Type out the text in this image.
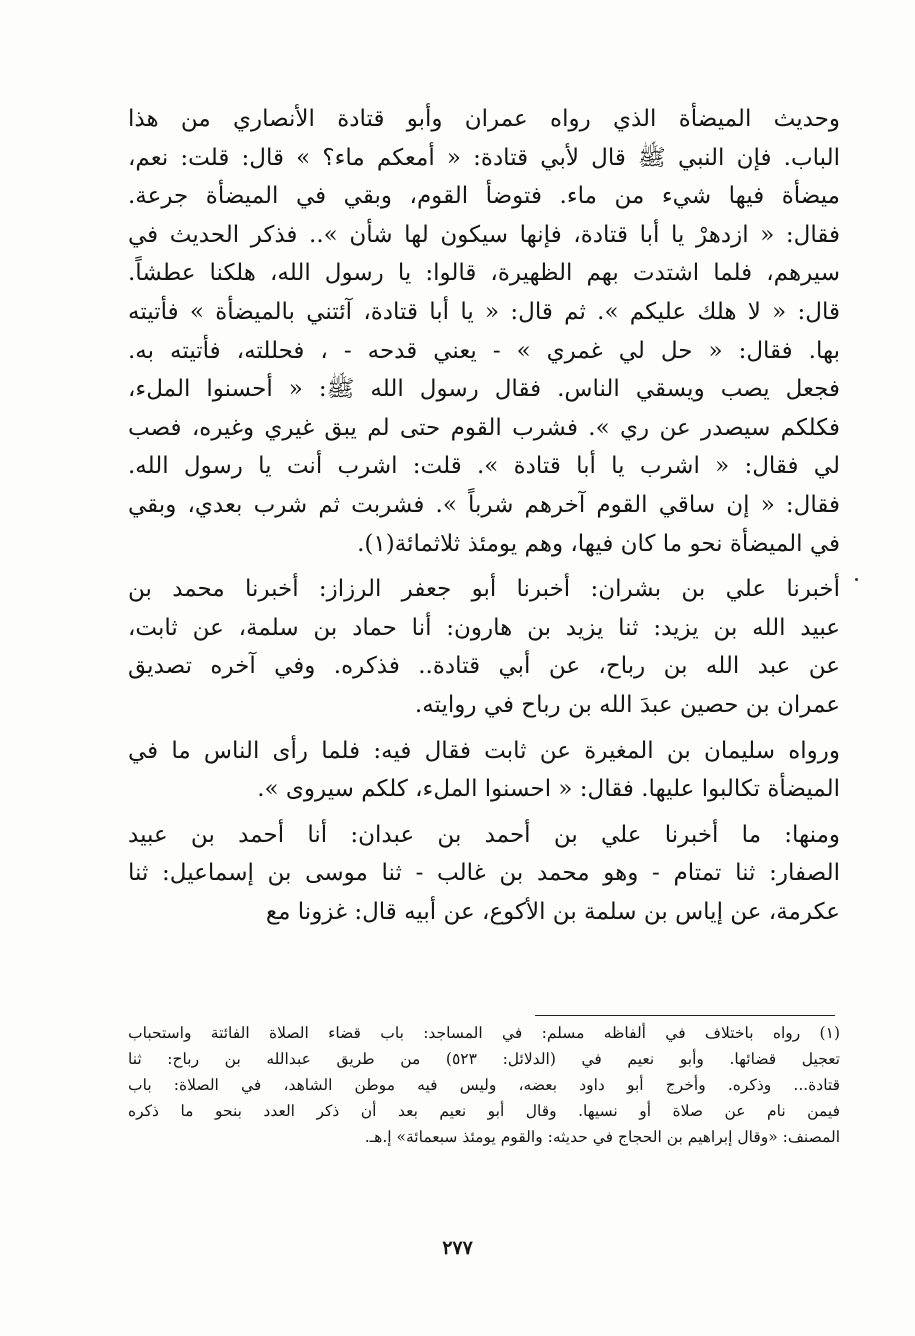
وحديث الميضأة الذي رواه عمران وأبو قتادة الأنصاري من هذا
الباب. فإن النبي ﷺ قال لأبي قتادة: « أمعكم ماء؟ » قال: قلت: نعم،
ميضأة فيها شيء من ماء. فتوضأ القوم، وبقي في الميضأة جرعة.
فقال: « ازدهرْ يا أبا قتادة، فإنها سيكون لها شأن ».. فذكر الحديث في
سيرهم، فلما اشتدت بهم الظهيرة، قالوا: يا رسول الله، هلكنا عطشاً.
قال: « لا هلك عليكم ». ثم قال: « يا أبا قتادة، آئتني بالميضأة » فأتيته
بها. فقال: « حل لي غمري » - يعني قدحه - ، فحللته، فأتيته به.
فجعل يصب ويسقي الناس. فقال رسول الله ﷺ: « أحسنوا الملء،
فكلكم سيصدر عن ري ». فشرب القوم حتى لم يبق غيري وغيره، فصب
لي فقال: « اشرب يا أبا قتادة ». قلت: اشرب أنت يا رسول الله.
فقال: « إن ساقي القوم آخرهم شرباً ». فشربت ثم شرب بعدي، وبقي
في الميضأة نحو ما كان فيها، وهم يومئذ ثلاثمائة(١).

أخبرنا علي بن بشران: أخبرنا أبو جعفر الرزاز: أخبرنا محمد بن
عبيد الله بن يزيد: ثنا يزيد بن هارون: أنا حماد بن سلمة، عن ثابت،
عن عبد الله بن رباح، عن أبي قتادة.. فذكره. وفي آخره تصديق
عمران بن حصين عبدَ الله بن رباح في روايته.

ورواه سليمان بن المغيرة عن ثابت فقال فيه: فلما رأى الناس ما في
الميضأة تكالبوا عليها. فقال: « احسنوا الملء، كلكم سيروى ».

ومنها: ما أخبرنا علي بن أحمد بن عبدان: أنا أحمد بن عبيد
الصفار: ثنا تمتام - وهو محمد بن غالب - ثنا موسى بن إسماعيل: ثنا
عكرمة، عن إياس بن سلمة بن الأكوع، عن أبيه قال: غزونا مع

(١) رواه باختلاف في ألفاظه مسلم: في المساجد: باب قضاء الصلاة الفائتة واستحباب
تعجيل قضائها. وأبو نعيم في (الدلائل: ٥٢٣) من طريق عبدالله بن رباح: ثنا
قتادة... وذكره. وأخرج أبو داود بعضه، وليس فيه موطن الشاهد، في الصلاة: باب
فيمن نام عن صلاة أو نسيها. وقال أبو نعيم بعد أن ذكر العدد بنحو ما ذكره
المصنف: «وقال إبراهيم بن الحجاج في حديثه: والقوم يومئذ سبعمائة» إ.هـ.
٢٧٧
